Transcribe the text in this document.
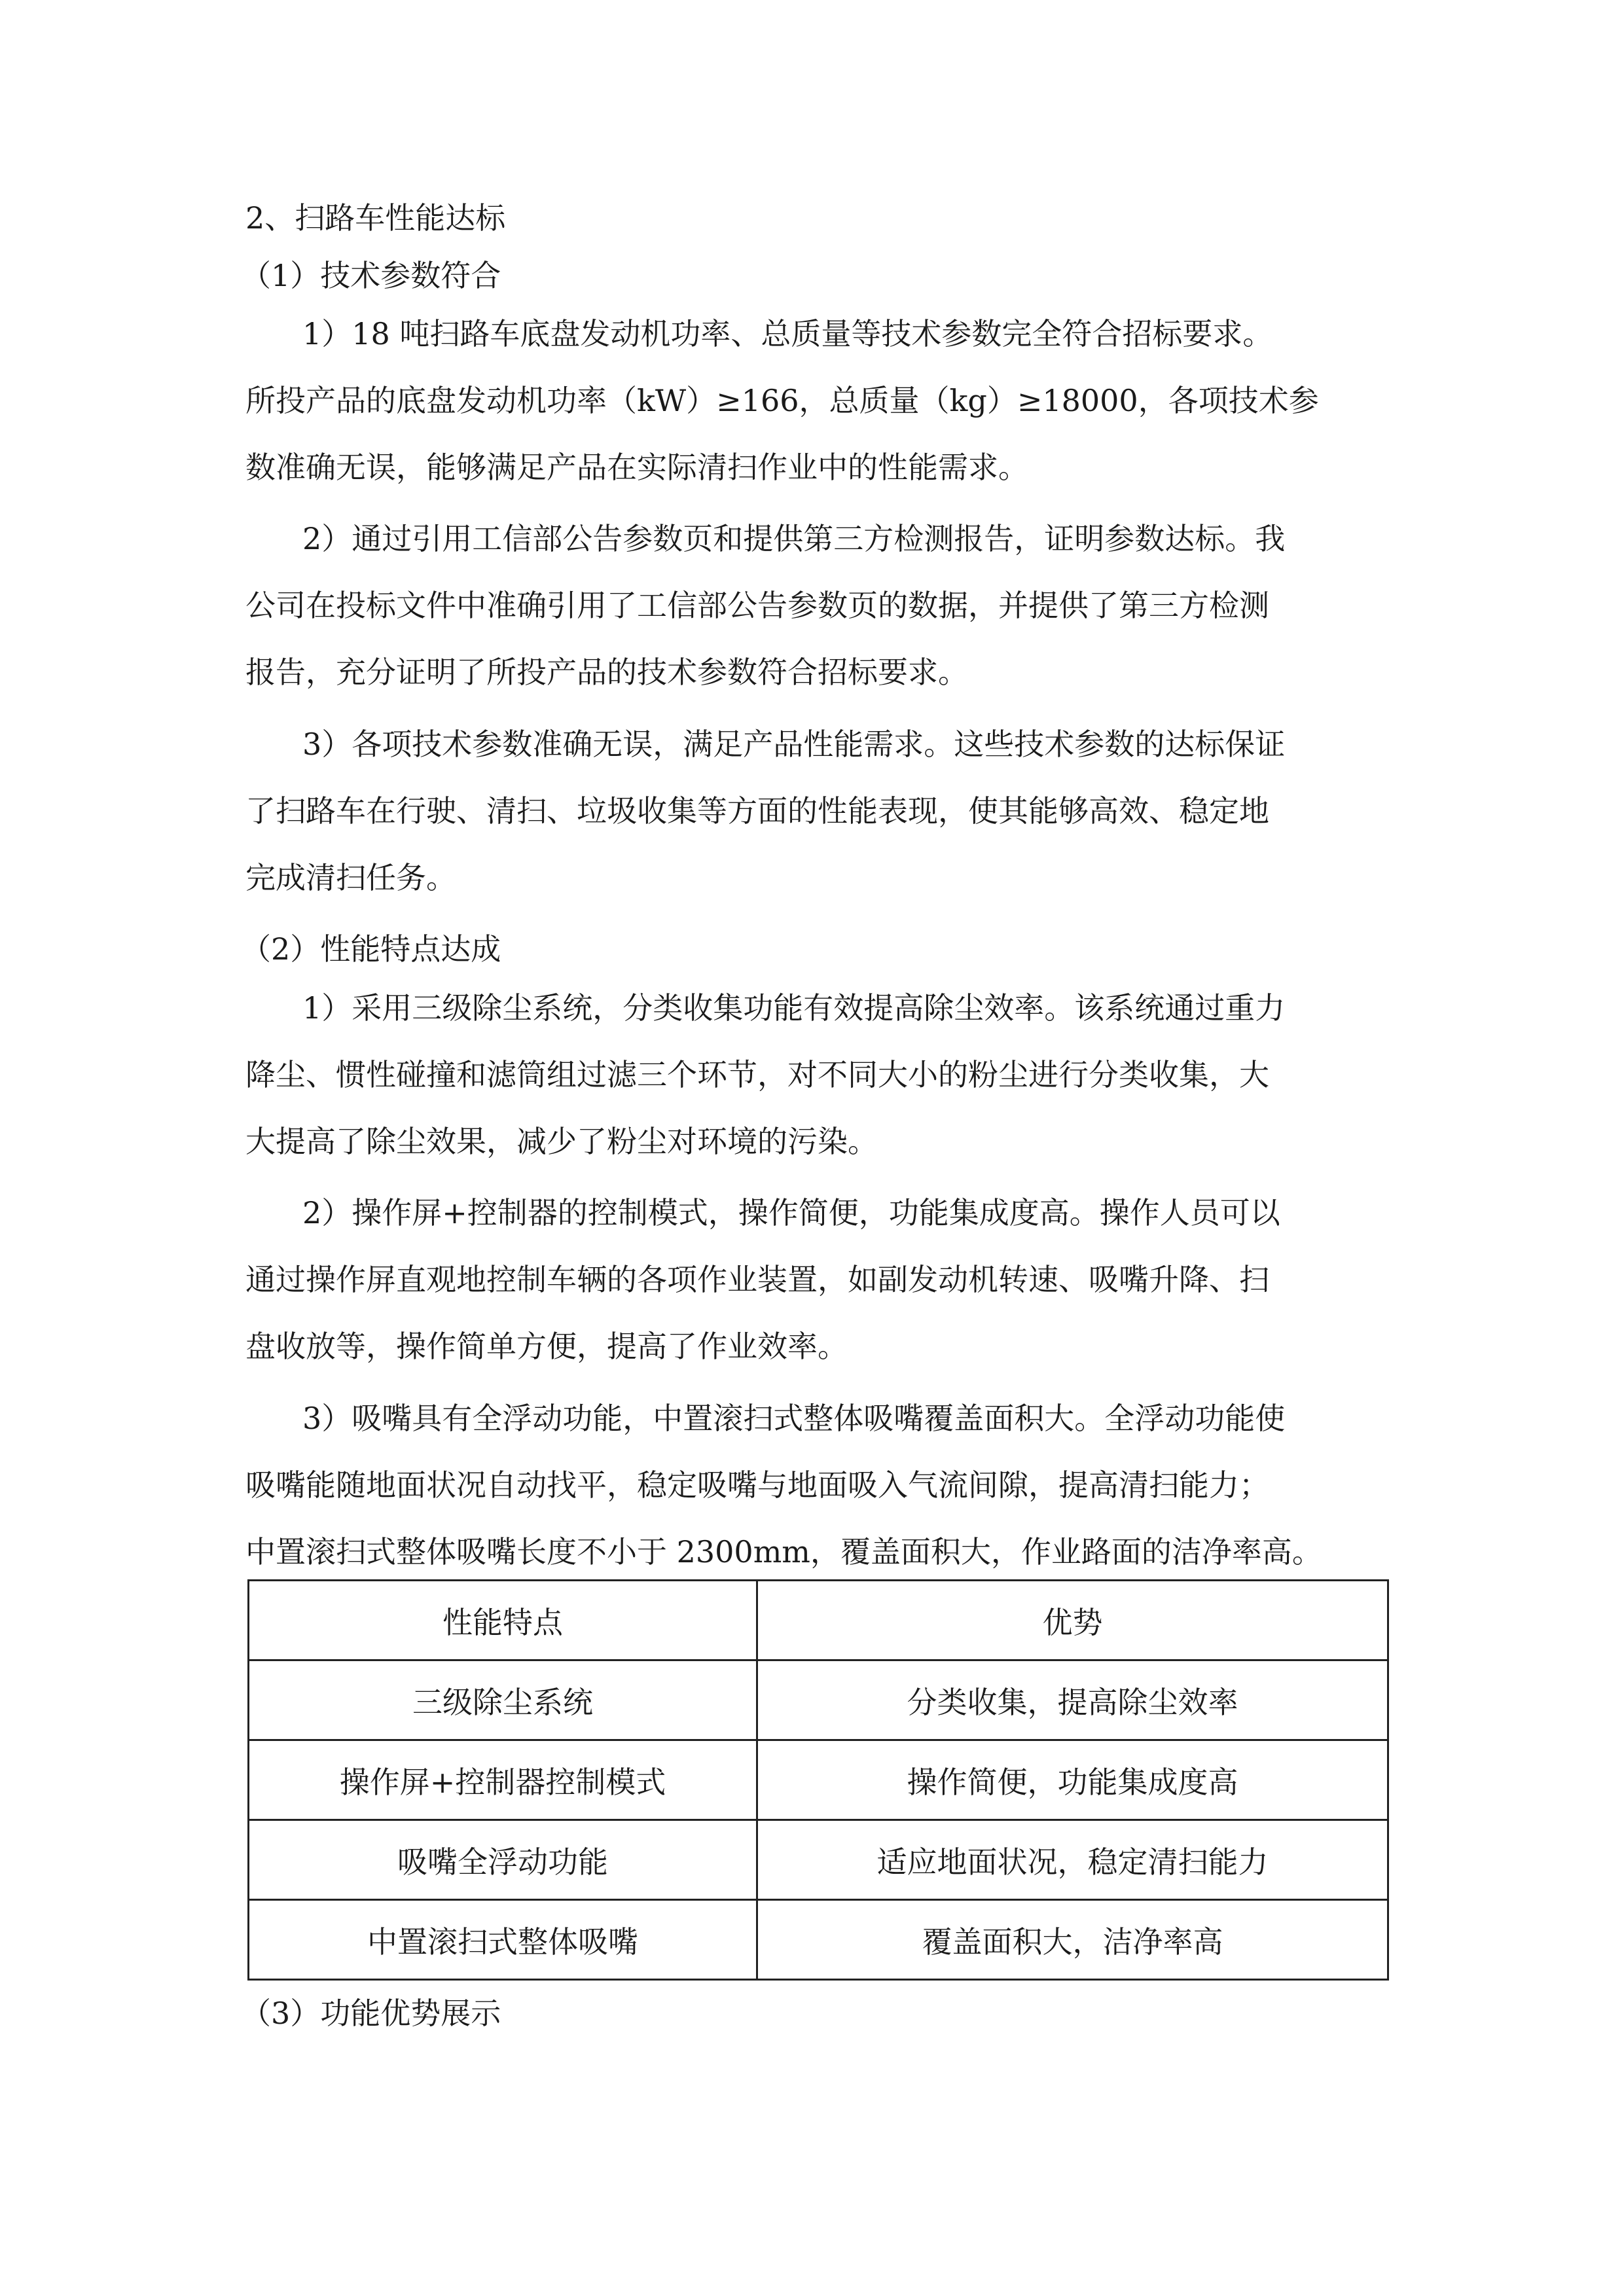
2、扫路车性能达标
（1）技术参数符合
1）18 吨扫路车底盘发动机功率、总质量等技术参数完全符合招标要求。
所投产品的底盘发动机功率（kW）≥166，总质量（kg）≥18000，各项技术参
数准确无误，能够满足产品在实际清扫作业中的性能需求。
2）通过引用工信部公告参数页和提供第三方检测报告，证明参数达标。我
公司在投标文件中准确引用了工信部公告参数页的数据，并提供了第三方检测
报告，充分证明了所投产品的技术参数符合招标要求。
3）各项技术参数准确无误，满足产品性能需求。这些技术参数的达标保证
了扫路车在行驶、清扫、垃圾收集等方面的性能表现，使其能够高效、稳定地
完成清扫任务。
（2）性能特点达成
1）采用三级除尘系统，分类收集功能有效提高除尘效率。该系统通过重力
降尘、惯性碰撞和滤筒组过滤三个环节，对不同大小的粉尘进行分类收集，大
大提高了除尘效果，减少了粉尘对环境的污染。
2）操作屏+控制器的控制模式，操作简便，功能集成度高。操作人员可以
通过操作屏直观地控制车辆的各项作业装置，如副发动机转速、吸嘴升降、扫
盘收放等，操作简单方便，提高了作业效率。
3）吸嘴具有全浮动功能，中置滚扫式整体吸嘴覆盖面积大。全浮动功能使
吸嘴能随地面状况自动找平，稳定吸嘴与地面吸入气流间隙，提高清扫能力；
中置滚扫式整体吸嘴长度不小于 2300mm，覆盖面积大，作业路面的洁净率高。
性能特点	优势
三级除尘系统	分类收集，提高除尘效率
操作屏+控制器控制模式	操作简便，功能集成度高
吸嘴全浮动功能	适应地面状况，稳定清扫能力
中置滚扫式整体吸嘴	覆盖面积大，洁净率高
（3）功能优势展示
